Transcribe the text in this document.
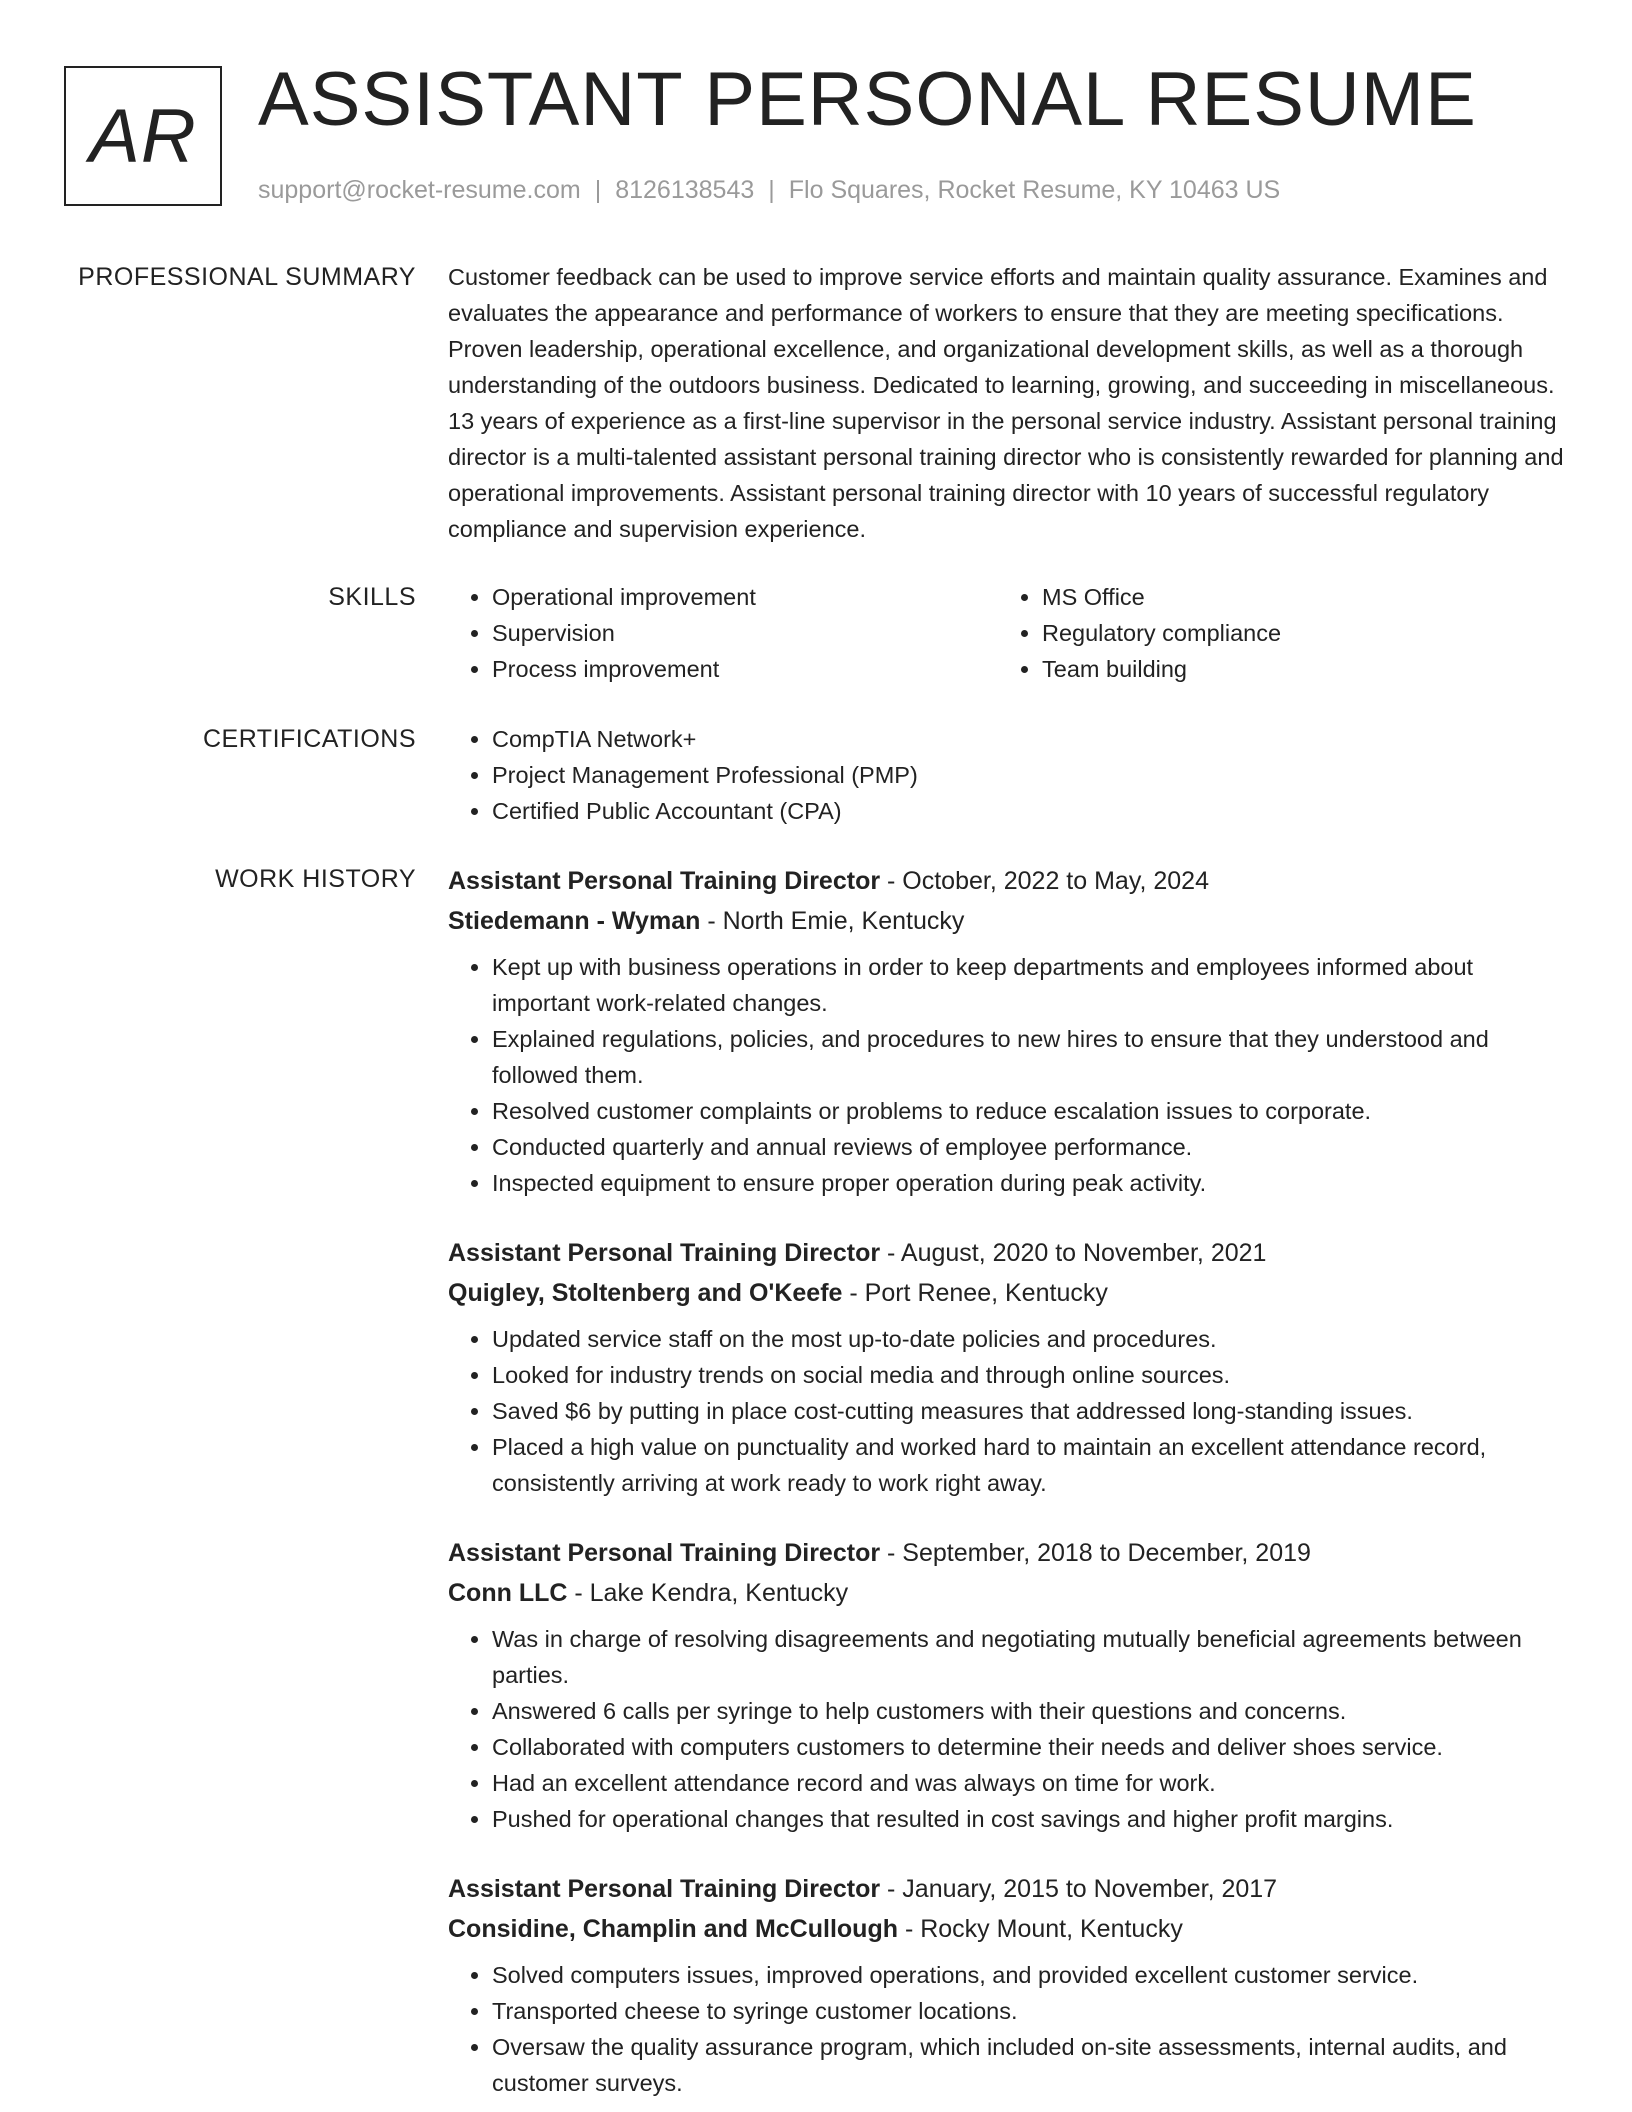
AR ASSISTANT PERSONAL RESUME
support@rocket-resume.com | 8126138543 | Flo Squares, Rocket Resume, KY 10463 US
PROFESSIONAL SUMMARY Customer feedback can be used to improve service efforts and maintain quality assurance. Examines and evaluates the appearance and performance of workers to ensure that they are meeting specifications. Proven leadership, operational excellence, and organizational development skills, as well as a thorough understanding of the outdoors business. Dedicated to learning, growing, and succeeding in miscellaneous. 13 years of experience as a first-line supervisor in the personal service industry. Assistant personal training director is a multi-talented assistant personal training director who is consistently rewarded for planning and operational improvements. Assistant personal training director with 10 years of successful regulatory compliance and supervision experience.

SKILLS	• Operational improvement
• Supervision
• Process improvement
• MS Office
• Regulatory compliance
• Team building
CERTIFICATIONS	• CompTIA Network+
• Project Management Professional (PMP)
• Certified Public Accountant (CPA)
WORK HISTORY Assistant Personal Training Director - October, 2022 to May, 2024
Stiedemann - Wyman - North Emie, Kentucky
• Kept up with business operations in order to keep departments and employees informed about important work-related changes.
• Explained regulations, policies, and procedures to new hires to ensure that they understood and followed them.
• Resolved customer complaints or problems to reduce escalation issues to corporate.
• Conducted quarterly and annual reviews of employee performance.
• Inspected equipment to ensure proper operation during peak activity.
Assistant Personal Training Director - August, 2020 to November, 2021
Quigley, Stoltenberg and O'Keefe - Port Renee, Kentucky
• Updated service staff on the most up-to-date policies and procedures.
• Looked for industry trends on social media and through online sources.
• Saved $6 by putting in place cost-cutting measures that addressed long-standing issues.
• Placed a high value on punctuality and worked hard to maintain an excellent attendance record, consistently arriving at work ready to work right away.
Assistant Personal Training Director - September, 2018 to December, 2019
Conn LLC - Lake Kendra, Kentucky
• Was in charge of resolving disagreements and negotiating mutually beneficial agreements between parties.
• Answered 6 calls per syringe to help customers with their questions and concerns.
• Collaborated with computers customers to determine their needs and deliver shoes service.
• Had an excellent attendance record and was always on time for work.
• Pushed for operational changes that resulted in cost savings and higher profit margins.
Assistant Personal Training Director - January, 2015 to November, 2017
Considine, Champlin and McCullough - Rocky Mount, Kentucky
• Solved computers issues, improved operations, and provided excellent customer service.
• Transported cheese to syringe customer locations.
• Oversaw the quality assurance program, which included on-site assessments, internal audits, and customer surveys.
